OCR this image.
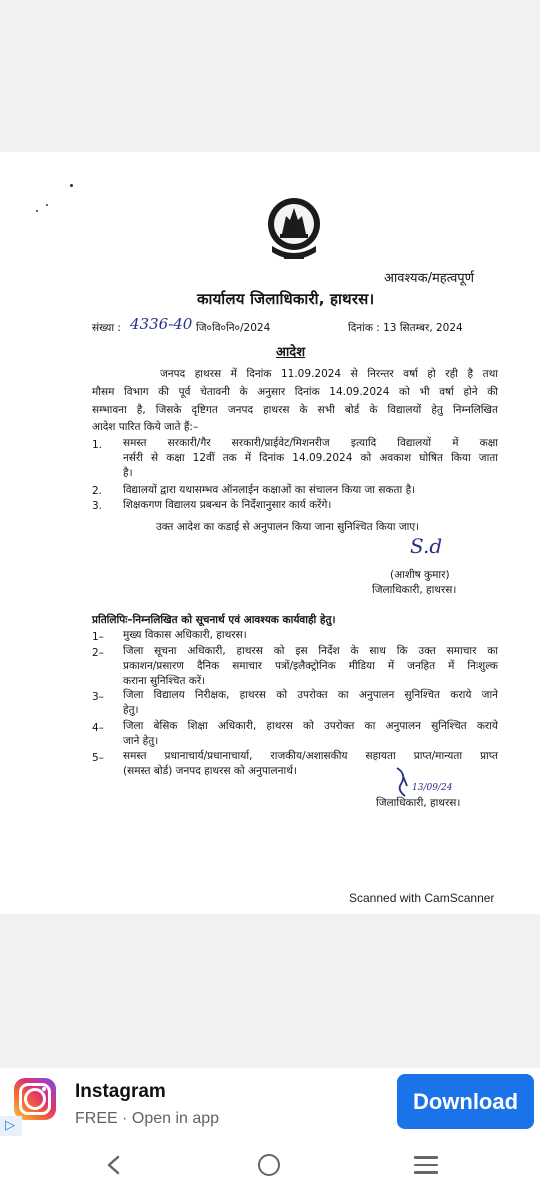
आवश्यक/महत्वपूर्ण
कार्यालय जिलाधिकारी, हाथरस।
संख्या : 4336-40 जि०वि०नि०/2024	दिनांक : 13 सितम्बर, 2024
आदेश
जनपद हाथरस में दिनांक 11.09.2024 से निरन्तर वर्षा हो रही है तथा
मौसम विभाग की पूर्व चेतावनी के अनुसार दिनांक 14.09.2024 को भी वर्षा होने की
सम्भावना है, जिसके दृष्टिगत जनपद हाथरस के सभी बोर्ड के विद्यालयों हेतु निम्नलिखित
आदेश पारित किये जाते हैं:–
1. समस्त सरकारी/गैर सरकारी/प्राईवेट/मिशनरीज इत्यादि विद्यालयों में कक्षा
नर्सरी से कक्षा 12वीं तक में दिनांक 14.09.2024 को अवकाश घोषित किया जाता
है।
2. विद्यालयों द्वारा यथासम्भव ऑनलाईन कक्षाओं का संचालन किया जा सकता है।
3. शिक्षकगण विद्यालय प्रबन्धन के निर्देशानुसार कार्य करेंगे।
उक्त आदेश का कडाई से अनुपालन किया जाना सुनिश्चित किया जाए।
S.d
(आशीष कुमार)
जिलाधिकारी, हाथरस।
प्रतिलिपिः–निम्नलिखित को सूचनार्थ एवं आवश्यक कार्यवाही हेतु।
1– मुख्य विकास अधिकारी, हाथरस।
2– जिला सूचना अधिकारी, हाथरस को इस निर्देश के साथ कि उक्त समाचार का
प्रकाशन/प्रसारण दैनिक समाचार पत्रों/इलैक्ट्रोनिक मीडिया में जनहित में निःशुल्क
कराना सुनिश्चित करें।
3– जिला विद्यालय निरीक्षक, हाथरस को उपरोक्त का अनुपालन सुनिश्चित कराये जाने
हेतु।
4– जिला बेसिक शिक्षा अधिकारी, हाथरस को उपरोक्त का अनुपालन सुनिश्चित कराये
जाने हेतु।
5– समस्त प्रधानाचार्य/प्रधानाचार्या, राजकीय/अशासकीय सहायता प्राप्त/मान्यता प्राप्त
(समस्त बोर्ड) जनपद हाथरस को अनुपालनार्थ।
13/09/24
जिलाधिकारी, हाथरस।
Scanned with CamScanner
▷
Instagram
FREE · Open in app
Download
